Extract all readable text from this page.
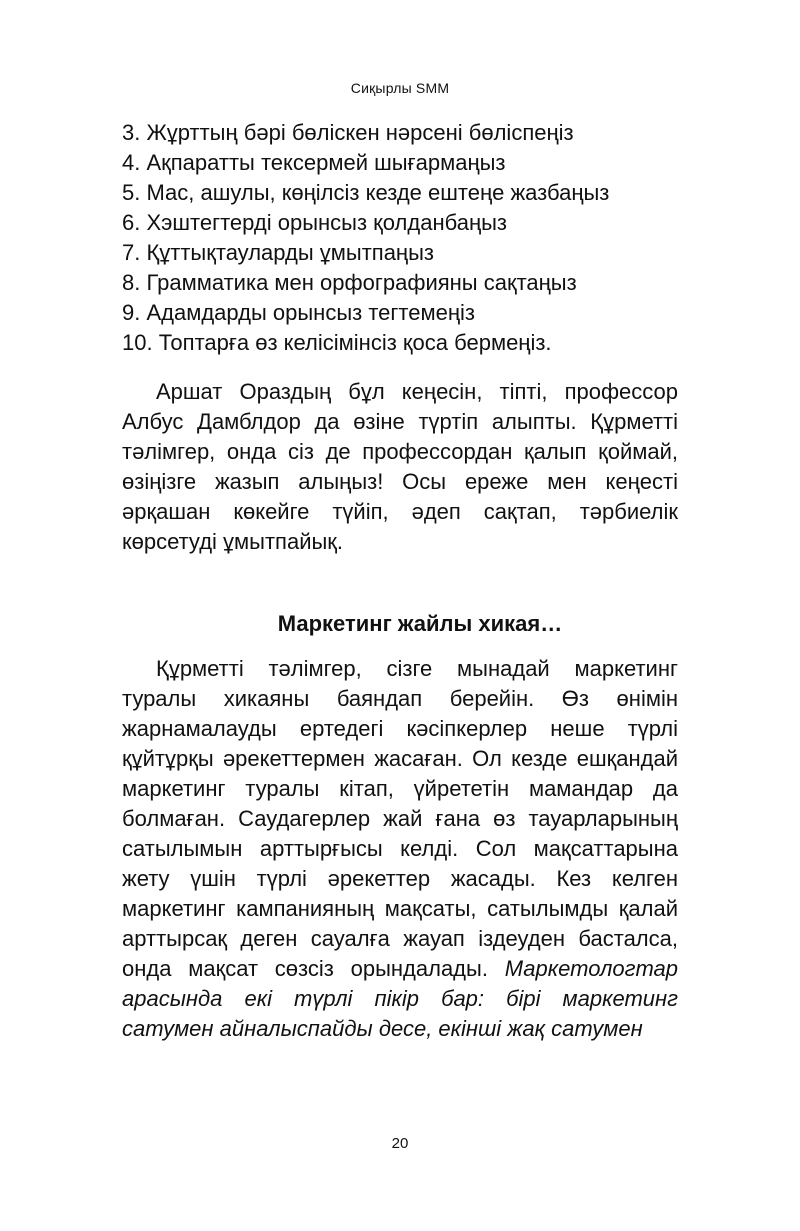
Сиқырлы SMM
3. Жұрттың бәрі бөліскен нәрсені бөліспеңіз
4. Ақпаратты тексермей шығармаңыз
5. Мас, ашулы, көңілсіз кезде ештеңе жазбаңыз
6. Хэштегтерді орынсыз қолданбаңыз
7. Құттықтауларды ұмытпаңыз
8. Грамматика мен орфографияны сақтаңыз
9. Адамдарды орынсыз тегтемеңіз
10. Топтарға өз келісімінсіз қоса бермеңіз.

Аршат Ораздың бұл кеңесін, тіпті, профессор Албус Дамблдор да өзіне түртіп алыпты. Құрметті тәлімгер, онда сіз де профессордан қалып қоймай, өзіңізге жазып алыңыз! Осы ереже мен кеңесті әрқашан көкейге түйіп, әдеп сақтап, тәрбиелік көрсетуді ұмытпайық.

Маркетинг жайлы хикая…

Құрметті тәлімгер, сізге мынадай маркетинг туралы хикаяны баяндап берейін. Өз өнімін жарнамалауды ертедегі кәсіпкерлер неше түрлі құйтұрқы әрекеттермен жасаған. Ол кезде ешқандай маркетинг туралы кітап, үйрететін мамандар да болмаған. Саудагерлер жай ғана өз тауарларының сатылымын арттырғысы келді. Сол мақсаттарына жету үшін түрлі әрекеттер жасады. Кез келген маркетинг кампанияның мақсаты, сатылымды қалай арттырсақ деген сауалға жауап іздеуден басталса, онда мақсат сөзсіз орындалады. Маркетологтар арасында екі түрлі пікір бар: бірі маркетинг сатумен айналыспайды десе, екінші жақ сатумен

20
